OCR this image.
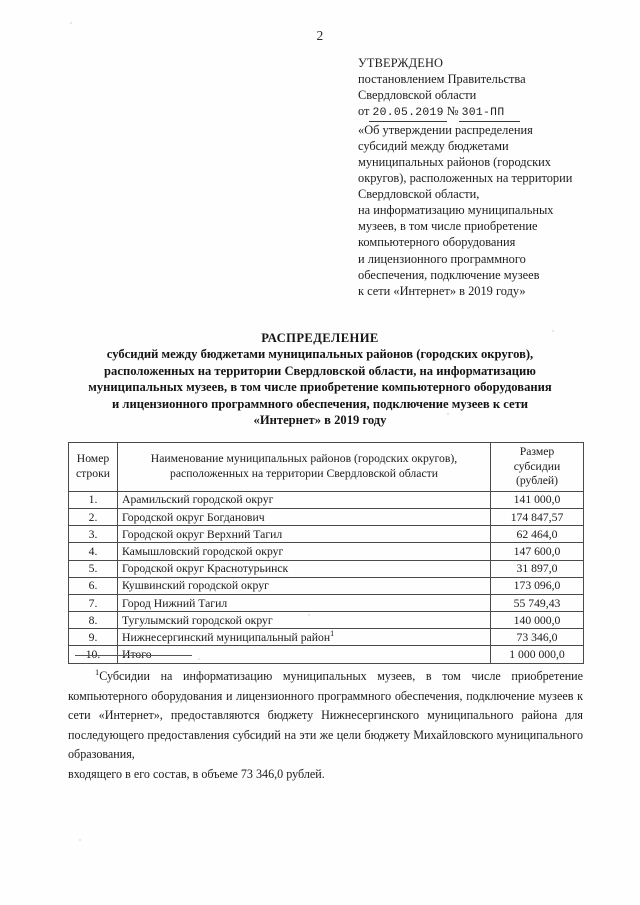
2
УТВЕРЖДЕНО
постановлением Правительства
Свердловской области
от 20.05.2019 № 301-ПП
«Об утверждении распределения
субсидий между бюджетами
муниципальных районов (городских
округов), расположенных на территории
Свердловской области,
на информатизацию муниципальных
музеев, в том числе приобретение
компьютерного оборудования
и лицензионного программного
обеспечения, подключение музеев
к сети «Интернет» в 2019 году»
РАСПРЕДЕЛЕНИЕ
субсидий между бюджетами муниципальных районов (городских округов),
расположенных на территории Свердловской области, на информатизацию
муниципальных музеев, в том числе приобретение компьютерного оборудования
и лицензионного программного обеспечения, подключение музеев к сети
«Интернет» в 2019 году
Номер
строки	Наименование муниципальных районов (городских округов),
расположенных на территории Свердловской области	Размер субсидии
(рублей)
1.	Арамильский городской округ	141 000,0
2.	Городской округ Богданович	174 847,57
3.	Городской округ Верхний Тагил	62 464,0
4.	Камышловский городской округ	147 600,0
5.	Городской округ Краснотурьинск	31 897,0
6.	Кушвинский городской округ	173 096,0
7.	Город Нижний Тагил	55 749,43
8.	Тугулымский городской округ	140 000,0
9.	Нижнесергинский муниципальный район$^1$	73 346,0
10.	Итого	1 000 000,0
$^1$Субсидии на информатизацию муниципальных музеев, в том числе приобретение компьютерного оборудования и лицензионного программного обеспечения, подключение музеев к сети «Интернет», предоставляются бюджету Нижнесергинского муниципального района для последующего предоставления субсидий на эти же цели бюджету Михайловского муниципального образования,
входящего в его состав, в объеме 73 346,0 рублей.
